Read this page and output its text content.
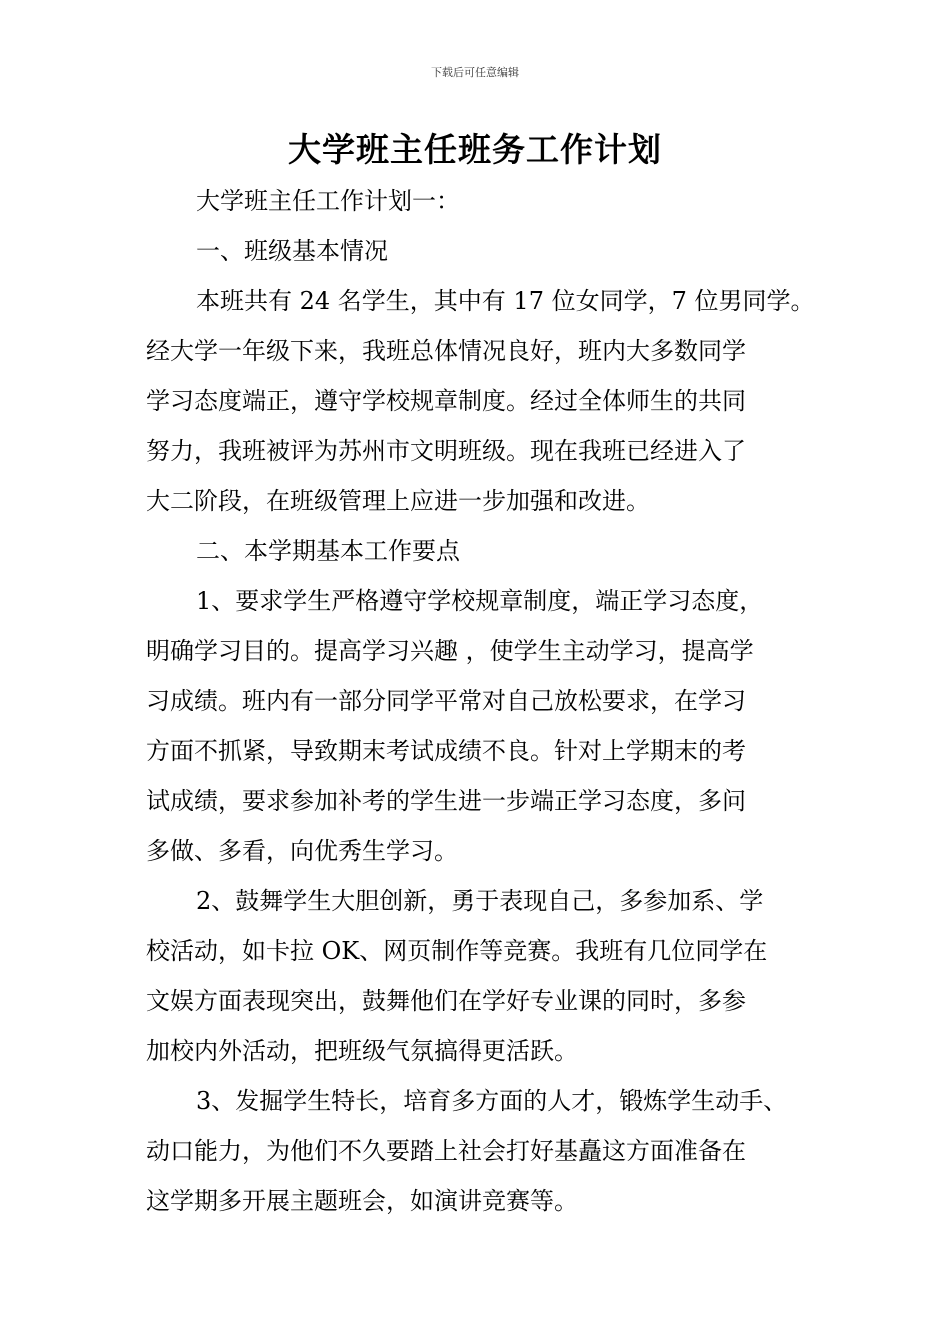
下载后可任意编辑
大学班主任班务工作计划
大学班主任工作计划一：
一、班级基本情况
本班共有 24 名学生，其中有 17 位女同学，7 位男同学。
经大学一年级下来，我班总体情况良好，班内大多数同学
学习态度端正，遵守学校规章制度。经过全体师生的共同
努力，我班被评为苏州市文明班级。现在我班已经进入了
大二阶段，在班级管理上应进一步加强和改进。
二、本学期基本工作要点
1、要求学生严格遵守学校规章制度，端正学习态度，
明确学习目的。提高学习兴趣 ，使学生主动学习，提高学
习成绩。班内有一部分同学平常对自己放松要求，在学习
方面不抓紧，导致期末考试成绩不良。针对上学期末的考
试成绩，要求参加补考的学生进一步端正学习态度，多问
多做、多看，向优秀生学习。
2、鼓舞学生大胆创新，勇于表现自己，多参加系、学
校活动，如卡拉 OK、网页制作等竞赛。我班有几位同学在
文娱方面表现突出，鼓舞他们在学好专业课的同时，多参
加校内外活动，把班级气氛搞得更活跃。
3、发掘学生特长，培育多方面的人才，锻炼学生动手、
动口能力，为他们不久要踏上社会打好基矗这方面准备在
这学期多开展主题班会，如演讲竞赛等。
